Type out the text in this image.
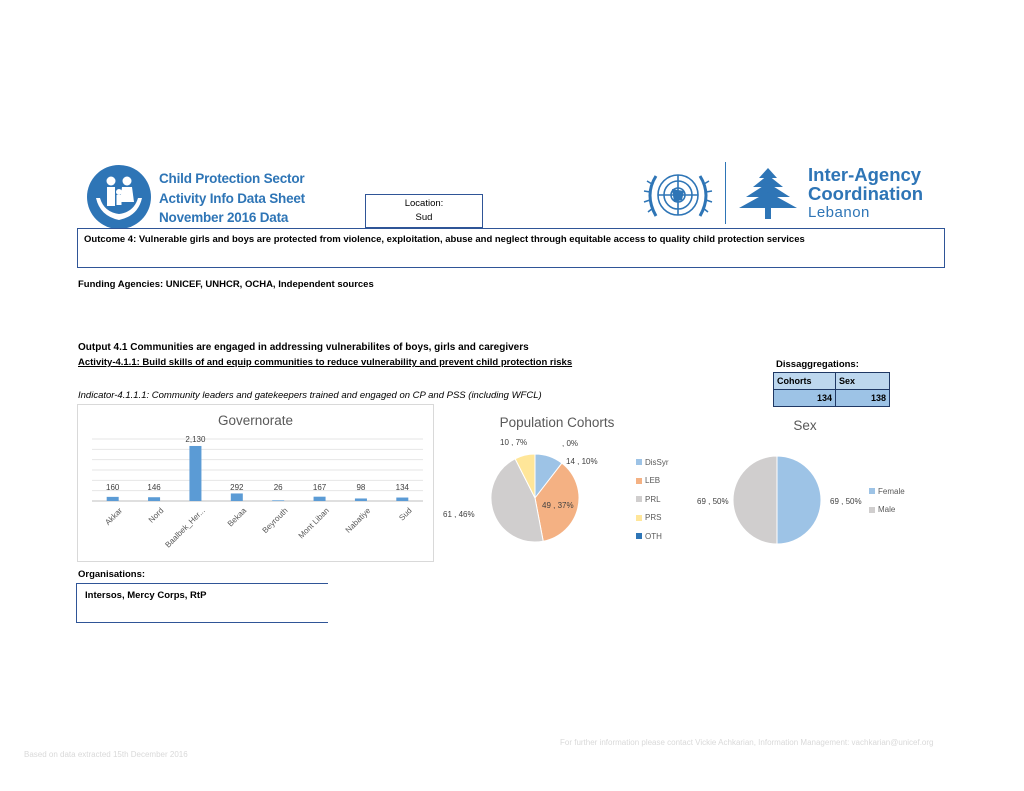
Child Protection Sector
Activity Info Data Sheet
November 2016 Data
Location:
Sud
Inter-Agency
Coordination
Lebanon
Outcome 4: Vulnerable girls and boys are protected from violence, exploitation, abuse and neglect through equitable access to quality child protection services
Funding Agencies: UNICEF, UNHCR, OCHA, Independent sources
Output 4.1 Communities are engaged in addressing vulnerabilites of boys, girls and caregivers
Activity-4.1.1: Build skills of and equip communities to reduce vulnerability and prevent child protection risks
Indicator-4.1.1.1: Community leaders and gatekeepers trained and engaged on CP and PSS (including WFCL)
Dissaggregations:
Cohorts	Sex
134	138
Governorate
160
Akkar
146
Nord
2,130
Baalbek_Her...
292
Bekaa
26
Beyrouth
167
Mont Liban
98
Nabatiye
134
Sud
Population Cohorts
14 , 10%
49 , 37%
61 , 46%
10 , 7%	, 0%
DisSyr
LEB
PRL
PRS
OTH
Sex
69 , 50%
69 , 50%
Female
Male
Organisations:
Intersos, Mercy Corps, RtP
For further information please contact Vickie Achkarian, Information Management: vachkarian@unicef.org
Based on data extracted 15th December 2016
